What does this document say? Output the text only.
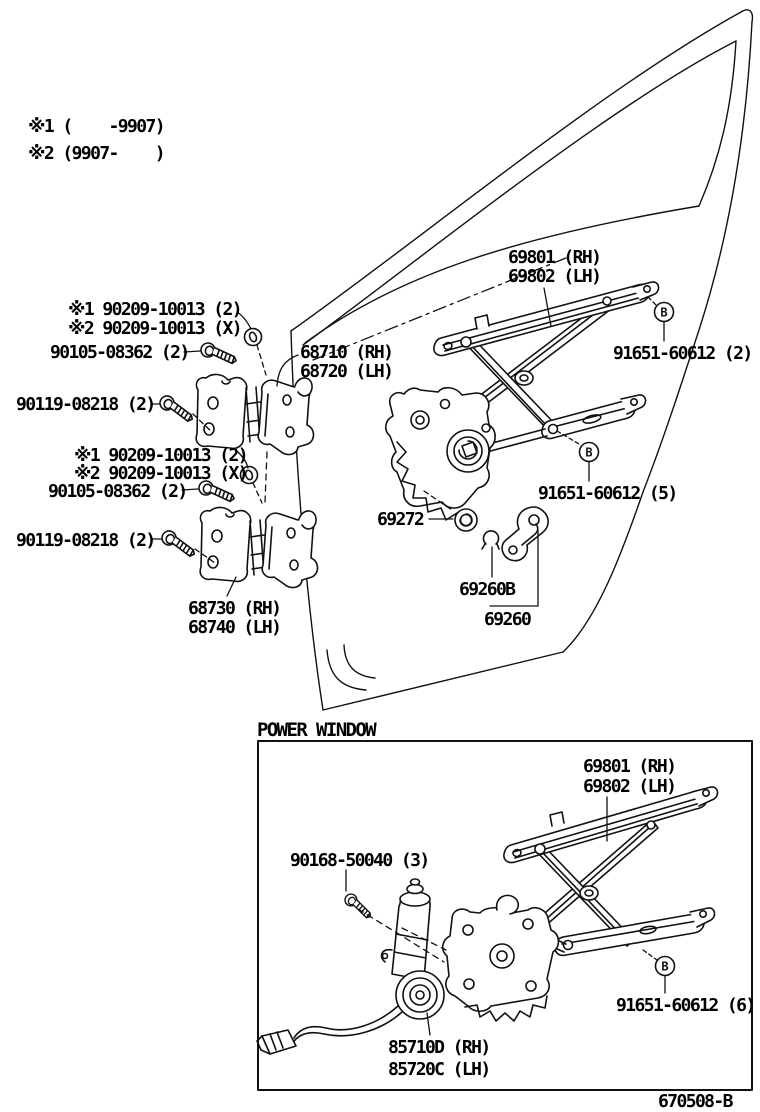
B
B
B
※1 (    -9907)
※2 (9907-    )
※1 90209-10013 (2)
※2 90209-10013 (X)
90105-08362 (2)	68710 (RH)
68720 (LH)
90119-08218 (2)
※1 90209-10013 (2)
※2 90209-10013 (X)
90105-08362 (2)
90119-08218 (2)
68730 (RH)
68740 (LH)
69801 (RH)
69802 (LH)
91651-60612 (2)
91651-60612 (5)
69272
69260B
69260
POWER WINDOW
69801 (RH)
69802 (LH)
90168-50040 (3)
91651-60612 (6)
85710D (RH)
85720C (LH)
670508-B
